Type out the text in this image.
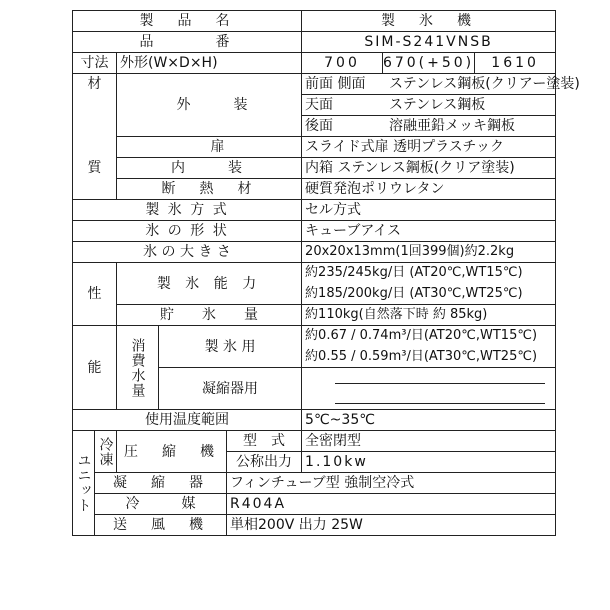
製　品　名					製　氷　機
品　　　番					SIM-S241VNSB
寸法		外形(W×D×H)			700 670(+50) 1610

材		外　　装			前面 側面 ステンレス鋼板(クリアー塗装)
					天面 ステンレス鋼板
					後面 溶融亜鉛メッキ鋼板
		扉			スライド式扉 透明プラスチック
質		内　　装			内箱 ステンレス鋼板(クリア塗装)
		断　熱　材			硬質発泡ポリウレタン
製 氷 方 式					セル方式
氷 の 形 状					キューブアイス
氷 の 大 き さ					20x20x13mm(1回399個)約2.2kg
性		製 氷 能 力			約235/245kg/日 (AT20℃,WT15℃)
					約185/200kg/日 (AT30℃,WT25℃)
		貯　　氷　　量			約110kg(自然落下時 約 85kg)
能		消費水量	製 氷 用		約0.67 / 0.74m³/日(AT20℃,WT15℃)
					約0.55 / 0.59m³/日(AT30℃,WT25℃)
			凝縮器用		

使用温度範囲					5℃~35℃

ユニット	冷凍	圧　縮　機		型　式	全密閉型
				公称出力	1.10kw
	凝　縮　器			フィンチューブ型 強制空冷式	
	冷　　　媒			R404A	
	送　風　機			単相200V 出力 25W	
